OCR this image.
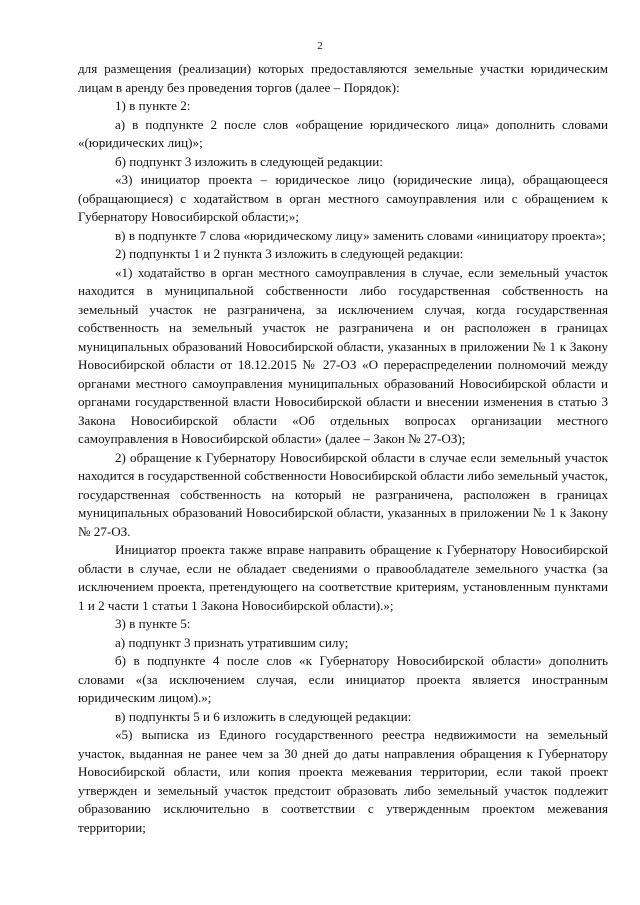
2

для размещения (реализации) которых предоставляются земельные участки юридическим лицам в аренду без проведения торгов (далее – Порядок):

1) в пункте 2:

а) в подпункте 2 после слов «обращение юридического лица» дополнить словами «(юридических лиц)»;

б) подпункт 3 изложить в следующей редакции:

«3) инициатор проекта – юридическое лицо (юридические лица), обращающееся (обращающиеся) с ходатайством в орган местного самоуправления или с обращением к Губернатору Новосибирской области;»;

в) в подпункте 7 слова «юридическому лицу» заменить словами «инициатору проекта»;

2) подпункты 1 и 2 пункта 3 изложить в следующей редакции:

«1) ходатайство в орган местного самоуправления в случае, если земельный участок находится в муниципальной собственности либо государственная собственность на земельный участок не разграничена, за исключением случая, когда государственная собственность на земельный участок не разграничена и он расположен в границах муниципальных образований Новосибирской области, указанных в приложении № 1 к Закону Новосибирской области от 18.12.2015 № 27-ОЗ «О перераспределении полномочий между органами местного самоуправления муниципальных образований Новосибирской области и органами государственной власти Новосибирской области и внесении изменения в статью 3 Закона Новосибирской области «Об отдельных вопросах организации местного самоуправления в Новосибирской области» (далее – Закон № 27-ОЗ);

2) обращение к Губернатору Новосибирской области в случае если земельный участок находится в государственной собственности Новосибирской области либо земельный участок, государственная собственность на который не разграничена, расположен в границах муниципальных образований Новосибирской области, указанных в приложении № 1 к Закону № 27-ОЗ.

Инициатор проекта также вправе направить обращение к Губернатору Новосибирской области в случае, если не обладает сведениями о правообладателе земельного участка (за исключением проекта, претендующего на соответствие критериям, установленным пунктами 1 и 2 части 1 статьи 1 Закона Новосибирской области).»;

3) в пункте 5:

а) подпункт 3 признать утратившим силу;

б) в подпункте 4 после слов «к Губернатору Новосибирской области» дополнить словами «(за исключением случая, если инициатор проекта является иностранным юридическим лицом).»;

в) подпункты 5 и 6 изложить в следующей редакции:

«5) выписка из Единого государственного реестра недвижимости на земельный участок, выданная не ранее чем за 30 дней до даты направления обращения к Губернатору Новосибирской области, или копия проекта межевания территории, если такой проект утвержден и земельный участок предстоит образовать либо земельный участок подлежит образованию исключительно в соответствии с утвержденным проектом межевания территории;
